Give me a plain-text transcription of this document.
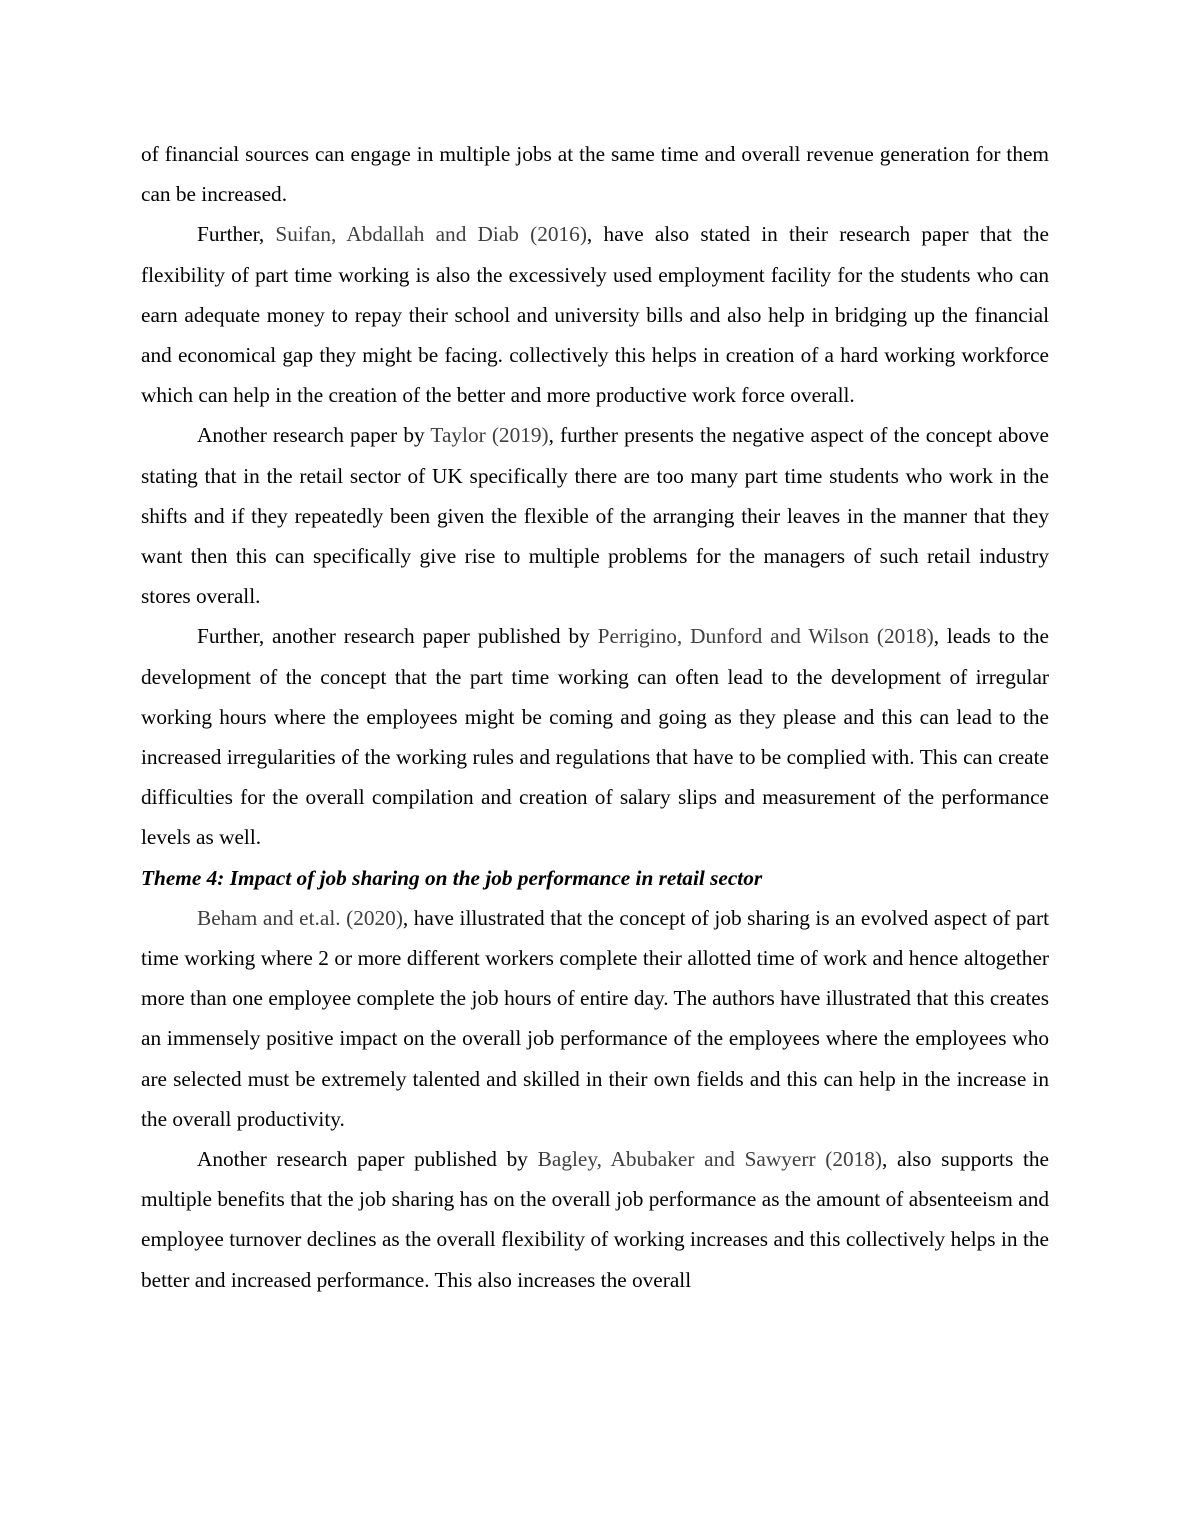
of financial sources can engage in multiple jobs at the same time and overall revenue generation for them can be increased.

Further, Suifan, Abdallah and Diab (2016), have also stated in their research paper that the flexibility of part time working is also the excessively used employment facility for the students who can earn adequate money to repay their school and university bills and also help in bridging up the financial and economical gap they might be facing. collectively this helps in creation of a hard working workforce which can help in the creation of the better and more productive work force overall.

Another research paper by Taylor (2019), further presents the negative aspect of the concept above stating that in the retail sector of UK specifically there are too many part time students who work in the shifts and if they repeatedly been given the flexible of the arranging their leaves in the manner that they want then this can specifically give rise to multiple problems for the managers of such retail industry stores overall.

Further, another research paper published by Perrigino, Dunford and Wilson (2018), leads to the development of the concept that the part time working can often lead to the development of irregular working hours where the employees might be coming and going as they please and this can lead to the increased irregularities of the working rules and regulations that have to be complied with. This can create difficulties for the overall compilation and creation of salary slips and measurement of the performance levels as well.

Theme 4: Impact of job sharing on the job performance in retail sector

Beham and et.al. (2020), have illustrated that the concept of job sharing is an evolved aspect of part time working where 2 or more different workers complete their allotted time of work and hence altogether more than one employee complete the job hours of entire day. The authors have illustrated that this creates an immensely positive impact on the overall job performance of the employees where the employees who are selected must be extremely talented and skilled in their own fields and this can help in the increase in the overall productivity.

Another research paper published by Bagley, Abubaker and Sawyerr (2018), also supports the multiple benefits that the job sharing has on the overall job performance as the amount of absenteeism and employee turnover declines as the overall flexibility of working increases and this collectively helps in the better and increased performance. This also increases the overall
